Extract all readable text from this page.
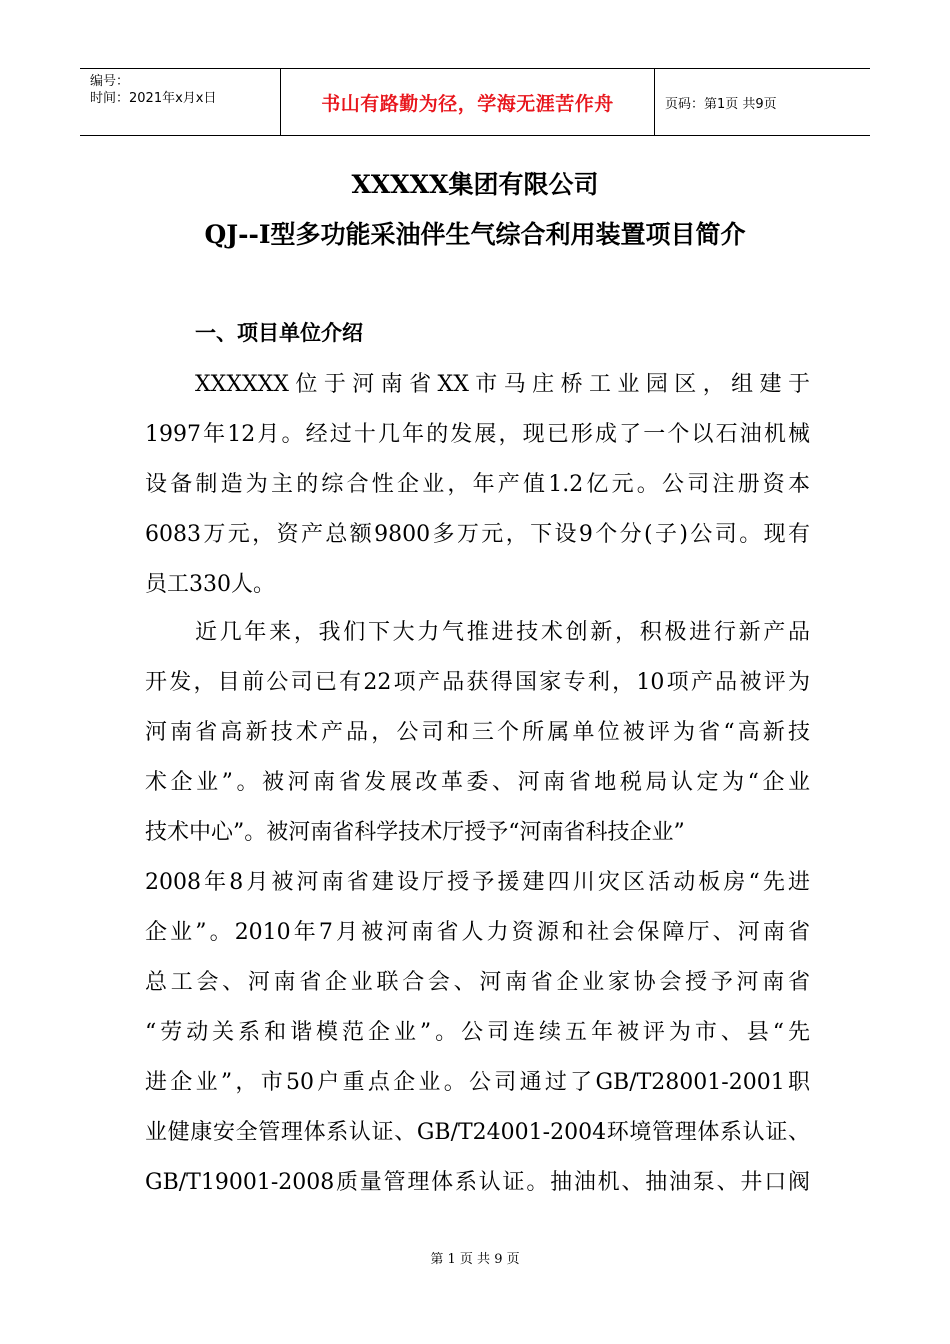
编号：
时间：2021年x月x日	书山有路勤为径，学海无涯苦作舟	页码：第1页 共9页
XXXXX集团有限公司
QJ--I型多功能采油伴生气综合利用装置项目简介
一、项目单位介绍
XXXXXX位于河南省XX市马庄桥工业园区，组建于
1997年12月。经过十几年的发展，现已形成了一个以石油机械
设备制造为主的综合性企业，年产值1.2亿元。公司注册资本
6083万元，资产总额9800多万元，下设9个分(子)公司。现有
员工330人。
近几年来，我们下大力气推进技术创新，积极进行新产品
开发，目前公司已有22项产品获得国家专利，10项产品被评为
河南省高新技术产品，公司和三个所属单位被评为省“高新技
术企业”。被河南省发展改革委、河南省地税局认定为“企业
技术中心”。被河南省科学技术厅授予“河南省科技企业”
2008年8月被河南省建设厅授予援建四川灾区活动板房“先进
企业”。2010年7月被河南省人力资源和社会保障厅、河南省
总工会、河南省企业联合会、河南省企业家协会授予河南省
“劳动关系和谐模范企业”。公司连续五年被评为市、县“先
进企业”，市50户重点企业。公司通过了GB/T28001-2001职
业健康安全管理体系认证、GB/T24001-2004环境管理体系认证、
GB/T19001-2008质量管理体系认证。抽油机、抽油泵、井口阀
第 1 页 共 9 页
